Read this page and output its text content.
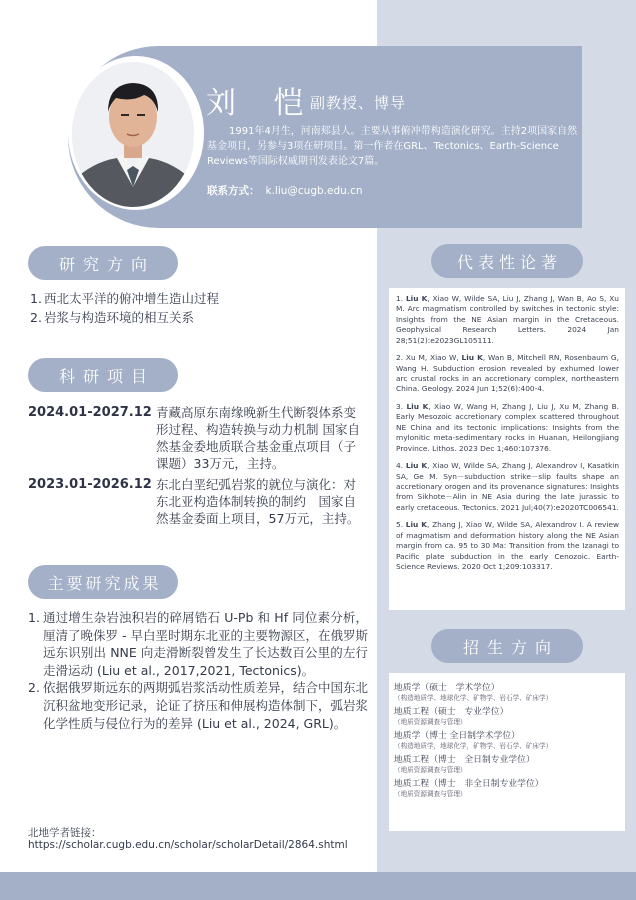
刘 恺
副教授、博导
1991年4月生，河南郏县人。主要从事俯冲带构造演化研究。主持2项国家自然基金项目，另参与3项在研项目。第一作者在GRL、Tectonics、Earth-Science Reviews等国际权威期刊发表论文7篇。
联系方式： k.liu@cugb.edu.cn
研究方向
1. 西北太平洋的俯冲增生造山过程
2. 岩浆与构造环境的相互关系
科研项目
2024.01-2027.12 青藏高原东南缘晚新生代断裂体系变形过程、构造转换与动力机制 国家自然基金委地质联合基金重点项目（子课题）33万元，主持。
2023.01-2026.12 东北白垩纪弧岩浆的就位与演化：对东北亚构造体制转换的制约　国家自然基金委面上项目，57万元，主持。
主要研究成果
1. 通过增生杂岩浊积岩的碎屑锆石 U-Pb 和 Hf 同位素分析，厘清了晚侏罗 - 早白垩时期东北亚的主要物源区，在俄罗斯远东识别出 NNE 向走滑断裂曾发生了长达数百公里的左行走滑运动 (Liu et al., 2017,2021, Tectonics)。
2. 依据俄罗斯远东的两期弧岩浆活动性质差异，结合中国东北沉积盆地变形记录，论证了挤压和伸展构造体制下，弧岩浆化学性质与侵位行为的差异 (Liu et al., 2024, GRL)。
北地学者链接：
https://scholar.cugb.edu.cn/scholar/scholarDetail/2864.shtml
代表性论著

1. Liu K, Xiao W, Wilde SA, Liu J, Zhang J, Wan B, Ao S, Xu M. Arc magmatism controlled by switches in tectonic style: Insights from the NE Asian margin in the Cretaceous. Geophysical Research Letters. 2024 Jan 28;51(2):e2023GL105111.

2. Xu M, Xiao W, Liu K, Wan B, Mitchell RN, Rosenbaum G, Wang H. Subduction erosion revealed by exhumed lower arc crustal rocks in an accretionary complex, northeastern China. Geology. 2024 Jun 1;52(6):400-4.

3. Liu K, Xiao W, Wang H, Zhang J, Liu J, Xu M, Zhang B. Early Mesozoic accretionary complex scattered throughout NE China and its tectonic implications: Insights from the mylonitic meta-sedimentary rocks in Huanan, Heilongjiang Province. Lithos. 2023 Dec 1;460:107376.

4. Liu K, Xiao W, Wilde SA, Zhang J, Alexandrov I, Kasatkin SA, Ge M. Syn－subduction strike－slip faults shape an accretionary orogen and its provenance signatures: Insights from Sikhote－Alin in NE Asia during the late jurassic to early cretaceous. Tectonics. 2021 Jul;40(7):e2020TC006541.

5. Liu K, Zhang J, Xiao W, Wilde SA, Alexandrov I. A review of magmatism and deformation history along the NE Asian margin from ca. 95 to 30 Ma: Transition from the Izanagi to Pacific plate subduction in the early Cenozoic. Earth-Science Reviews. 2020 Oct 1;209:103317.

招生方向
地质学（硕士　学术学位）
（构造地质学、地球化学、矿物学、岩石学、矿床学）
地质工程（硕士　专业学位）
（地质资源调查与管理）
地质学（博士 全日制学术学位）
（构造地质学，地球化学，矿物学、岩石学、矿床学）
地质工程（博士　全日制专业学位）
（地质资源调查与管理）
地质工程（博士　非全日制专业学位）
（地质资源调查与管理）
